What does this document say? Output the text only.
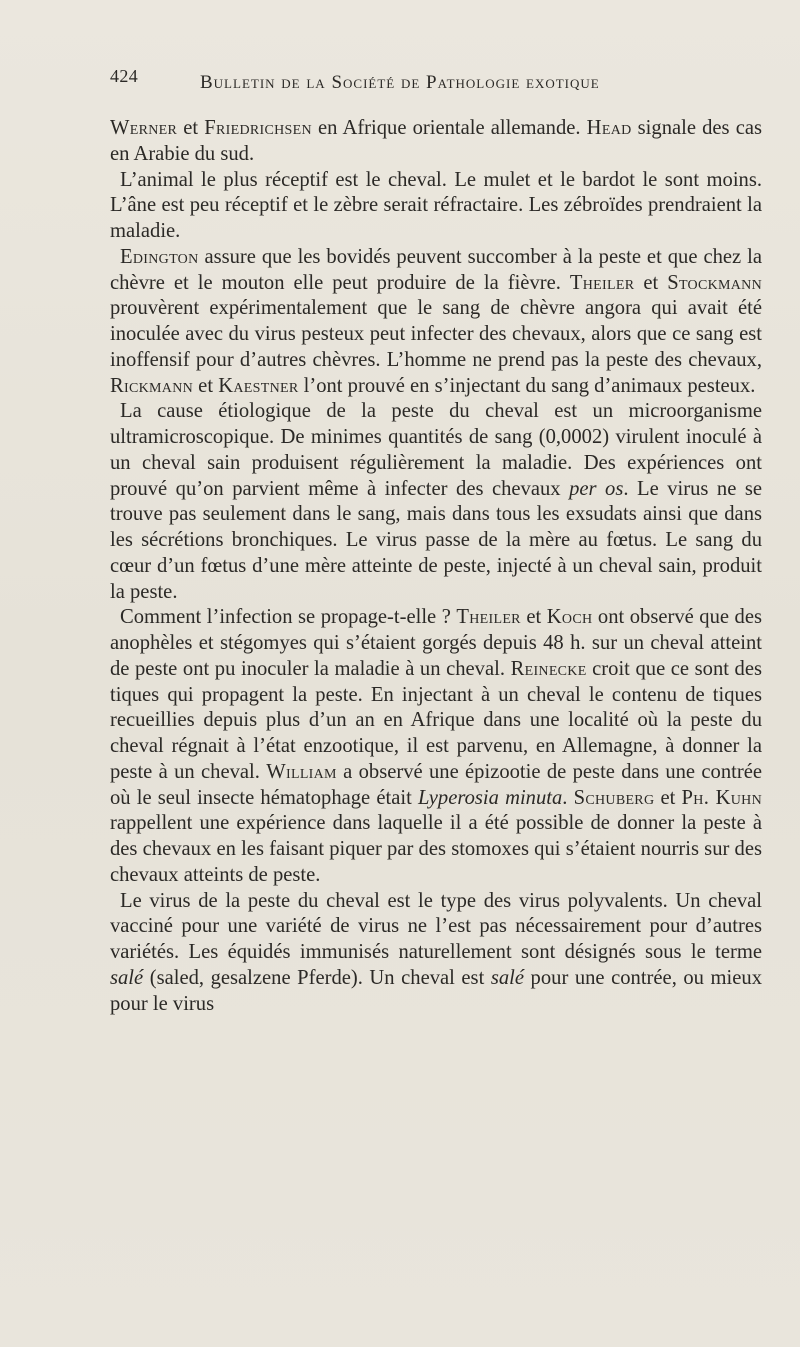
424	Bulletin de la Société de Pathologie exotique

Werner et Friedrichsen en Afrique orientale allemande. Head signale des cas en Arabie du sud.

L’animal le plus réceptif est le cheval. Le mulet et le bardot le sont moins. L’âne est peu réceptif et le zèbre serait réfractaire. Les zébroïdes prendraient la maladie.

Edington assure que les bovidés peuvent succomber à la peste et que chez la chèvre et le mouton elle peut produire de la fièvre. Theiler et Stockmann prouvèrent expérimentalement que le sang de chèvre angora qui avait été inoculée avec du virus pesteux peut infecter des chevaux, alors que ce sang est inoffensif pour d’autres chèvres. L’homme ne prend pas la peste des chevaux, Rickmann et Kaestner l’ont prouvé en s’injectant du sang d’animaux pesteux.

La cause étiologique de la peste du cheval est un microorganisme ultramicroscopique. De minimes quantités de sang (0,0002) virulent inoculé à un cheval sain produisent régulièrement la maladie. Des expériences ont prouvé qu’on parvient même à infecter des chevaux per os. Le virus ne se trouve pas seulement dans le sang, mais dans tous les exsudats ainsi que dans les sécrétions bronchiques. Le virus passe de la mère au fœtus. Le sang du cœur d’un fœtus d’une mère atteinte de peste, injecté à un cheval sain, produit la peste.

Comment l’infection se propage-t-elle ? Theiler et Koch ont observé que des anophèles et stégomyes qui s’étaient gorgés depuis 48 h. sur un cheval atteint de peste ont pu inoculer la maladie à un cheval. Reinecke croit que ce sont des tiques qui propagent la peste. En injectant à un cheval le contenu de tiques recueillies depuis plus d’un an en Afrique dans une localité où la peste du cheval régnait à l’état enzootique, il est parvenu, en Allemagne, à donner la peste à un cheval. William a observé une épizootie de peste dans une contrée où le seul insecte hématophage était Lyperosia minuta. Schuberg et Ph. Kuhn rappellent une expérience dans laquelle il a été possible de donner la peste à des chevaux en les faisant piquer par des stomoxes qui s’étaient nourris sur des chevaux atteints de peste.

Le virus de la peste du cheval est le type des virus polyvalents. Un cheval vacciné pour une variété de virus ne l’est pas nécessairement pour d’autres variétés. Les équidés immunisés naturellement sont désignés sous le terme salé (saled, gesalzene Pferde). Un cheval est salé pour une contrée, ou mieux pour le virus
